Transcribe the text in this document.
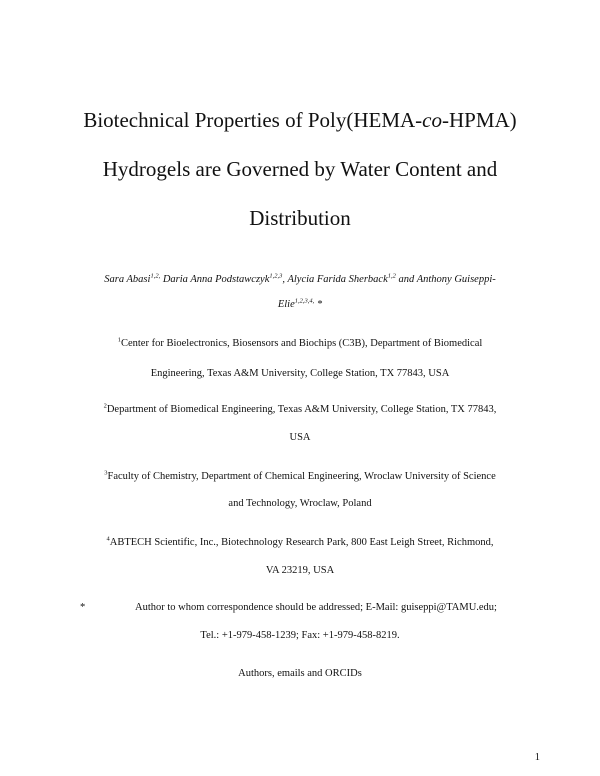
Biotechnical Properties of Poly(HEMA-co-HPMA)
Hydrogels are Governed by Water Content and
Distribution
Sara Abasi$^{1,2,}$ Daria Anna Podstawczyk$^{1,2,3}$, Alycia Farida Sherback$^{1,2}$ and Anthony Guiseppi-
Elie$^{1,2,3,4,}$ *
$^1$Center for Bioelectronics, Biosensors and Biochips (C3B), Department of Biomedical
Engineering, Texas A&M University, College Station, TX 77843, USA
$^2$Department of Biomedical Engineering, Texas A&M University, College Station, TX 77843,
USA
$^3$Faculty of Chemistry, Department of Chemical Engineering, Wroclaw University of Science
and Technology, Wroclaw, Poland
$^4$ABTECH Scientific, Inc., Biotechnology Research Park, 800 East Leigh Street, Richmond,
VA 23219, USA
*	Author to whom correspondence should be addressed; E-Mail: guiseppi@TAMU.edu;
Tel.: +1-979-458-1239; Fax: +1-979-458-8219.
Authors, emails and ORCIDs
1
